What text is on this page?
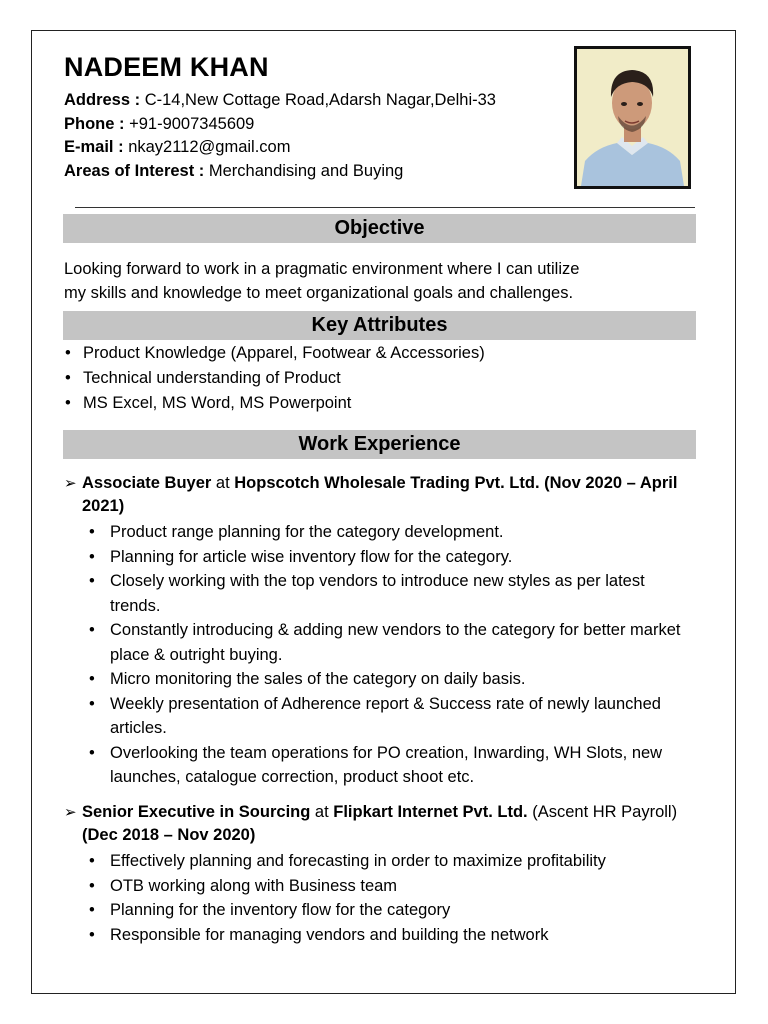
NADEEM KHAN
Address : C-14,New Cottage Road,Adarsh Nagar,Delhi-33
Phone : +91-9007345609
E-mail : nkay2112@gmail.com
Areas of Interest : Merchandising and Buying
Objective
Looking forward to work in a pragmatic environment where I can utilize
my skills and knowledge to meet organizational goals and challenges.
Key Attributes
• Product Knowledge (Apparel, Footwear & Accessories)
• Technical understanding of Product
• MS Excel, MS Word, MS Powerpoint
Work Experience
➢ Associate Buyer at Hopscotch Wholesale Trading Pvt. Ltd. (Nov 2020 – April 2021)
• Product range planning for the category development.
• Planning for article wise inventory flow for the category.
• Closely working with the top vendors to introduce new styles as per latest trends.
• Constantly introducing & adding new vendors to the category for better market place & outright buying.
• Micro monitoring the sales of the category on daily basis.
• Weekly presentation of Adherence report & Success rate of newly launched articles.
• Overlooking the team operations for PO creation, Inwarding, WH Slots, new launches, catalogue correction, product shoot etc.
➢ Senior Executive in Sourcing at Flipkart Internet Pvt. Ltd. (Ascent HR Payroll) (Dec 2018 – Nov 2020)
• Effectively planning and forecasting in order to maximize profitability
• OTB working along with Business team
• Planning for the inventory flow for the category
• Responsible for managing vendors and building the network
